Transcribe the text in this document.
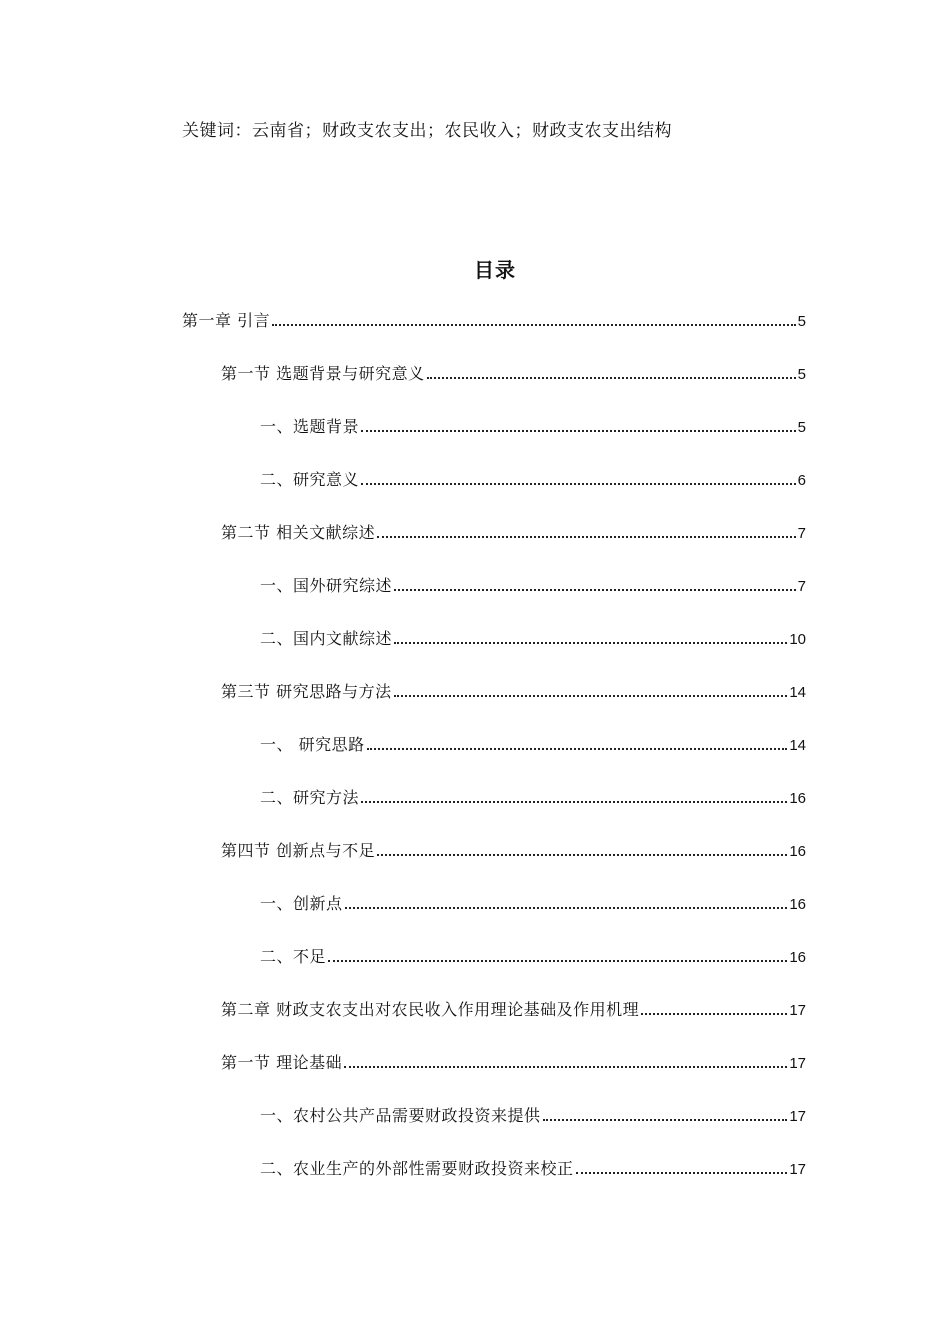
关键词：云南省；财政支农支出；农民收入；财政支农支出结构
目录
第一章 引言	5
第一节 选题背景与研究意义	5
一、选题背景	5
二、研究意义	6
第二节 相关文献综述	7
一、国外研究综述	7
二、国内文献综述	10
第三节 研究思路与方法	14
一、 研究思路	14
二、研究方法	16
第四节 创新点与不足	16
一、创新点	16
二、不足	16
第二章 财政支农支出对农民收入作用理论基础及作用机理	17
第一节 理论基础	17
一、农村公共产品需要财政投资来提供	17
二、农业生产的外部性需要财政投资来校正	17
